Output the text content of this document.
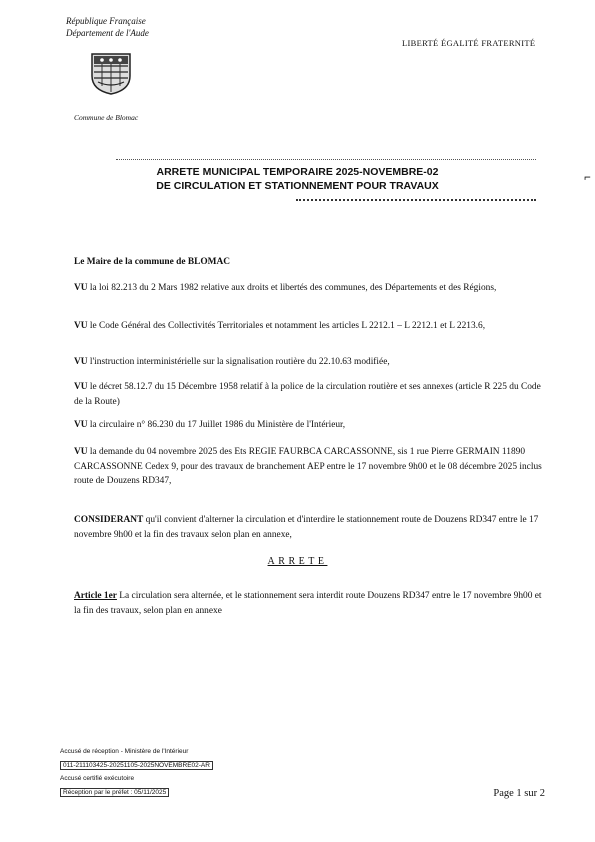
République Française
Département de l'Aude
LIBERTÉ ÉGALITÉ FRATERNITÉ
Commune de Blomac
ARRETE MUNICIPAL TEMPORAIRE 2025-NOVEMBRE-02
DE CIRCULATION ET STATIONNEMENT POUR TRAVAUX
⌐
Le Maire de la commune de BLOMAC
VU la loi 82.213 du 2 Mars 1982 relative aux droits et libertés des communes, des Départements et des Régions,
VU le Code Général des Collectivités Territoriales et notamment les articles L 2212.1 – L 2212.1 et L 2213.6,
VU l'instruction interministérielle sur la signalisation routière du 22.10.63 modifiée,
VU le décret 58.12.7 du 15 Décembre 1958 relatif à la police de la circulation routière et ses annexes (article R 225 du Code de la Route)
VU la circulaire n° 86.230 du 17 Juillet 1986 du Ministère de l'Intérieur,
VU la demande du 04 novembre 2025 des Ets REGIE FAURBCA CARCASSONNE, sis 1 rue Pierre GERMAIN 11890 CARCASSONNE Cedex 9, pour des travaux de branchement AEP entre le 17 novembre 9h00 et le 08 décembre 2025 inclus route de Douzens RD347,
CONSIDERANT qu'il convient d'alterner la circulation et d'interdire le stationnement route de Douzens RD347 entre le 17 novembre 9h00 et la fin des travaux selon plan en annexe,
ARRETE
Article 1er La circulation sera alternée, et le stationnement sera interdit route Douzens RD347 entre le 17 novembre 9h00 et la fin des travaux, selon plan en annexe
Accusé de réception - Ministère de l'Intérieur
011-211103425-20251105-2025NOVEMBRE02-AR
Accusé certifié exécutoire
Réception par le préfet : 05/11/2025	Page 1 sur 2
